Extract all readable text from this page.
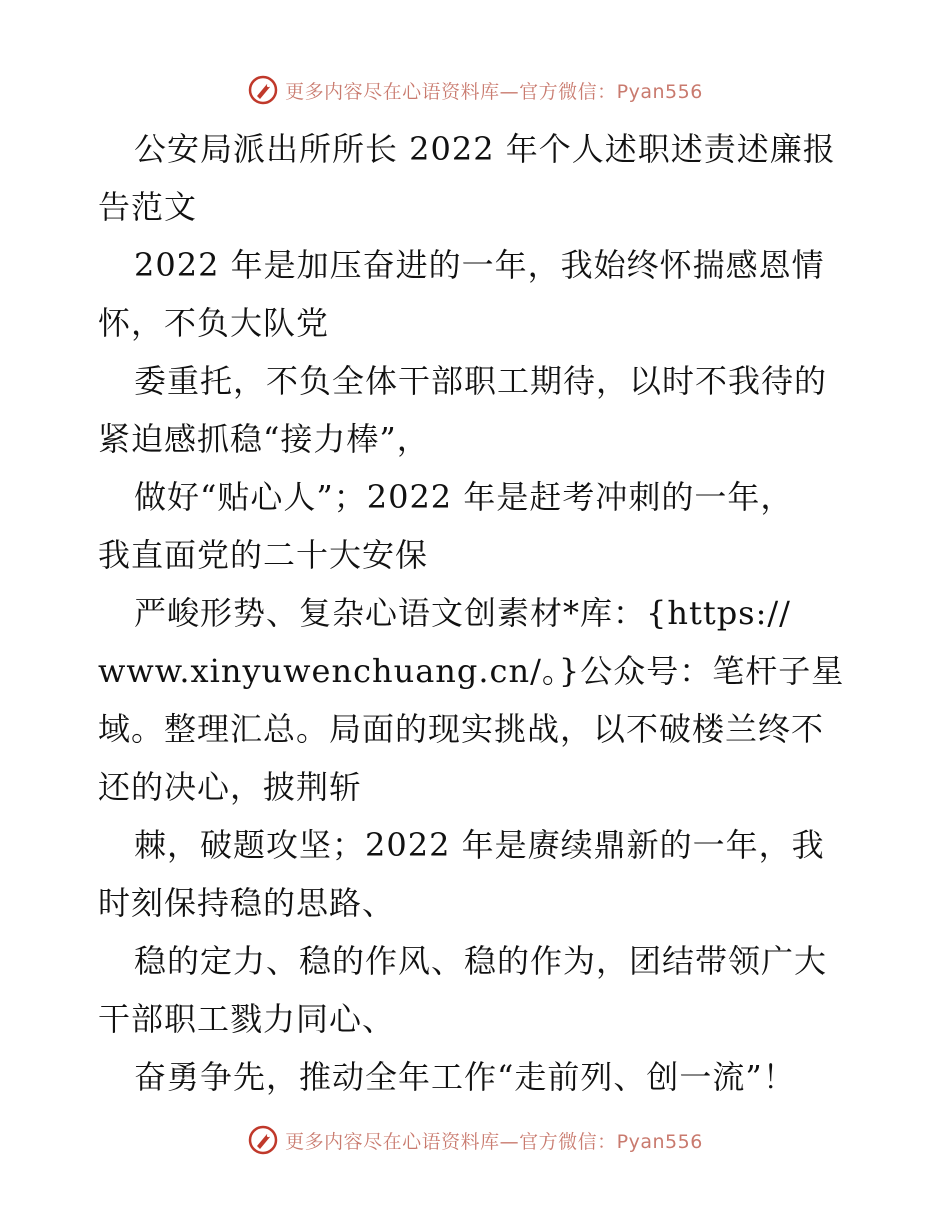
更多内容尽在心语资料库—官方微信：Pyan556
公安局派出所所长 2022 年个人述职述责述廉报
告范文
2022 年是加压奋进的一年，我始终怀揣感恩情
怀，不负大队党
委重托，不负全体干部职工期待，以时不我待的
紧迫感抓稳“接力棒”，
做好“贴心人”；2022 年是赶考冲刺的一年，
我直面党的二十大安保
严峻形势、复杂心语文创素材*库：{https://
www.xinyuwenchuang.cn/。}公众号：笔杆子星
域。整理汇总。局面的现实挑战，以不破楼兰终不
还的决心，披荆斩
棘，破题攻坚；2022 年是赓续鼎新的一年，我
时刻保持稳的思路、
稳的定力、稳的作风、稳的作为，团结带领广大
干部职工戮力同心、
奋勇争先，推动全年工作“走前列、创一流”！
更多内容尽在心语资料库—官方微信：Pyan556
